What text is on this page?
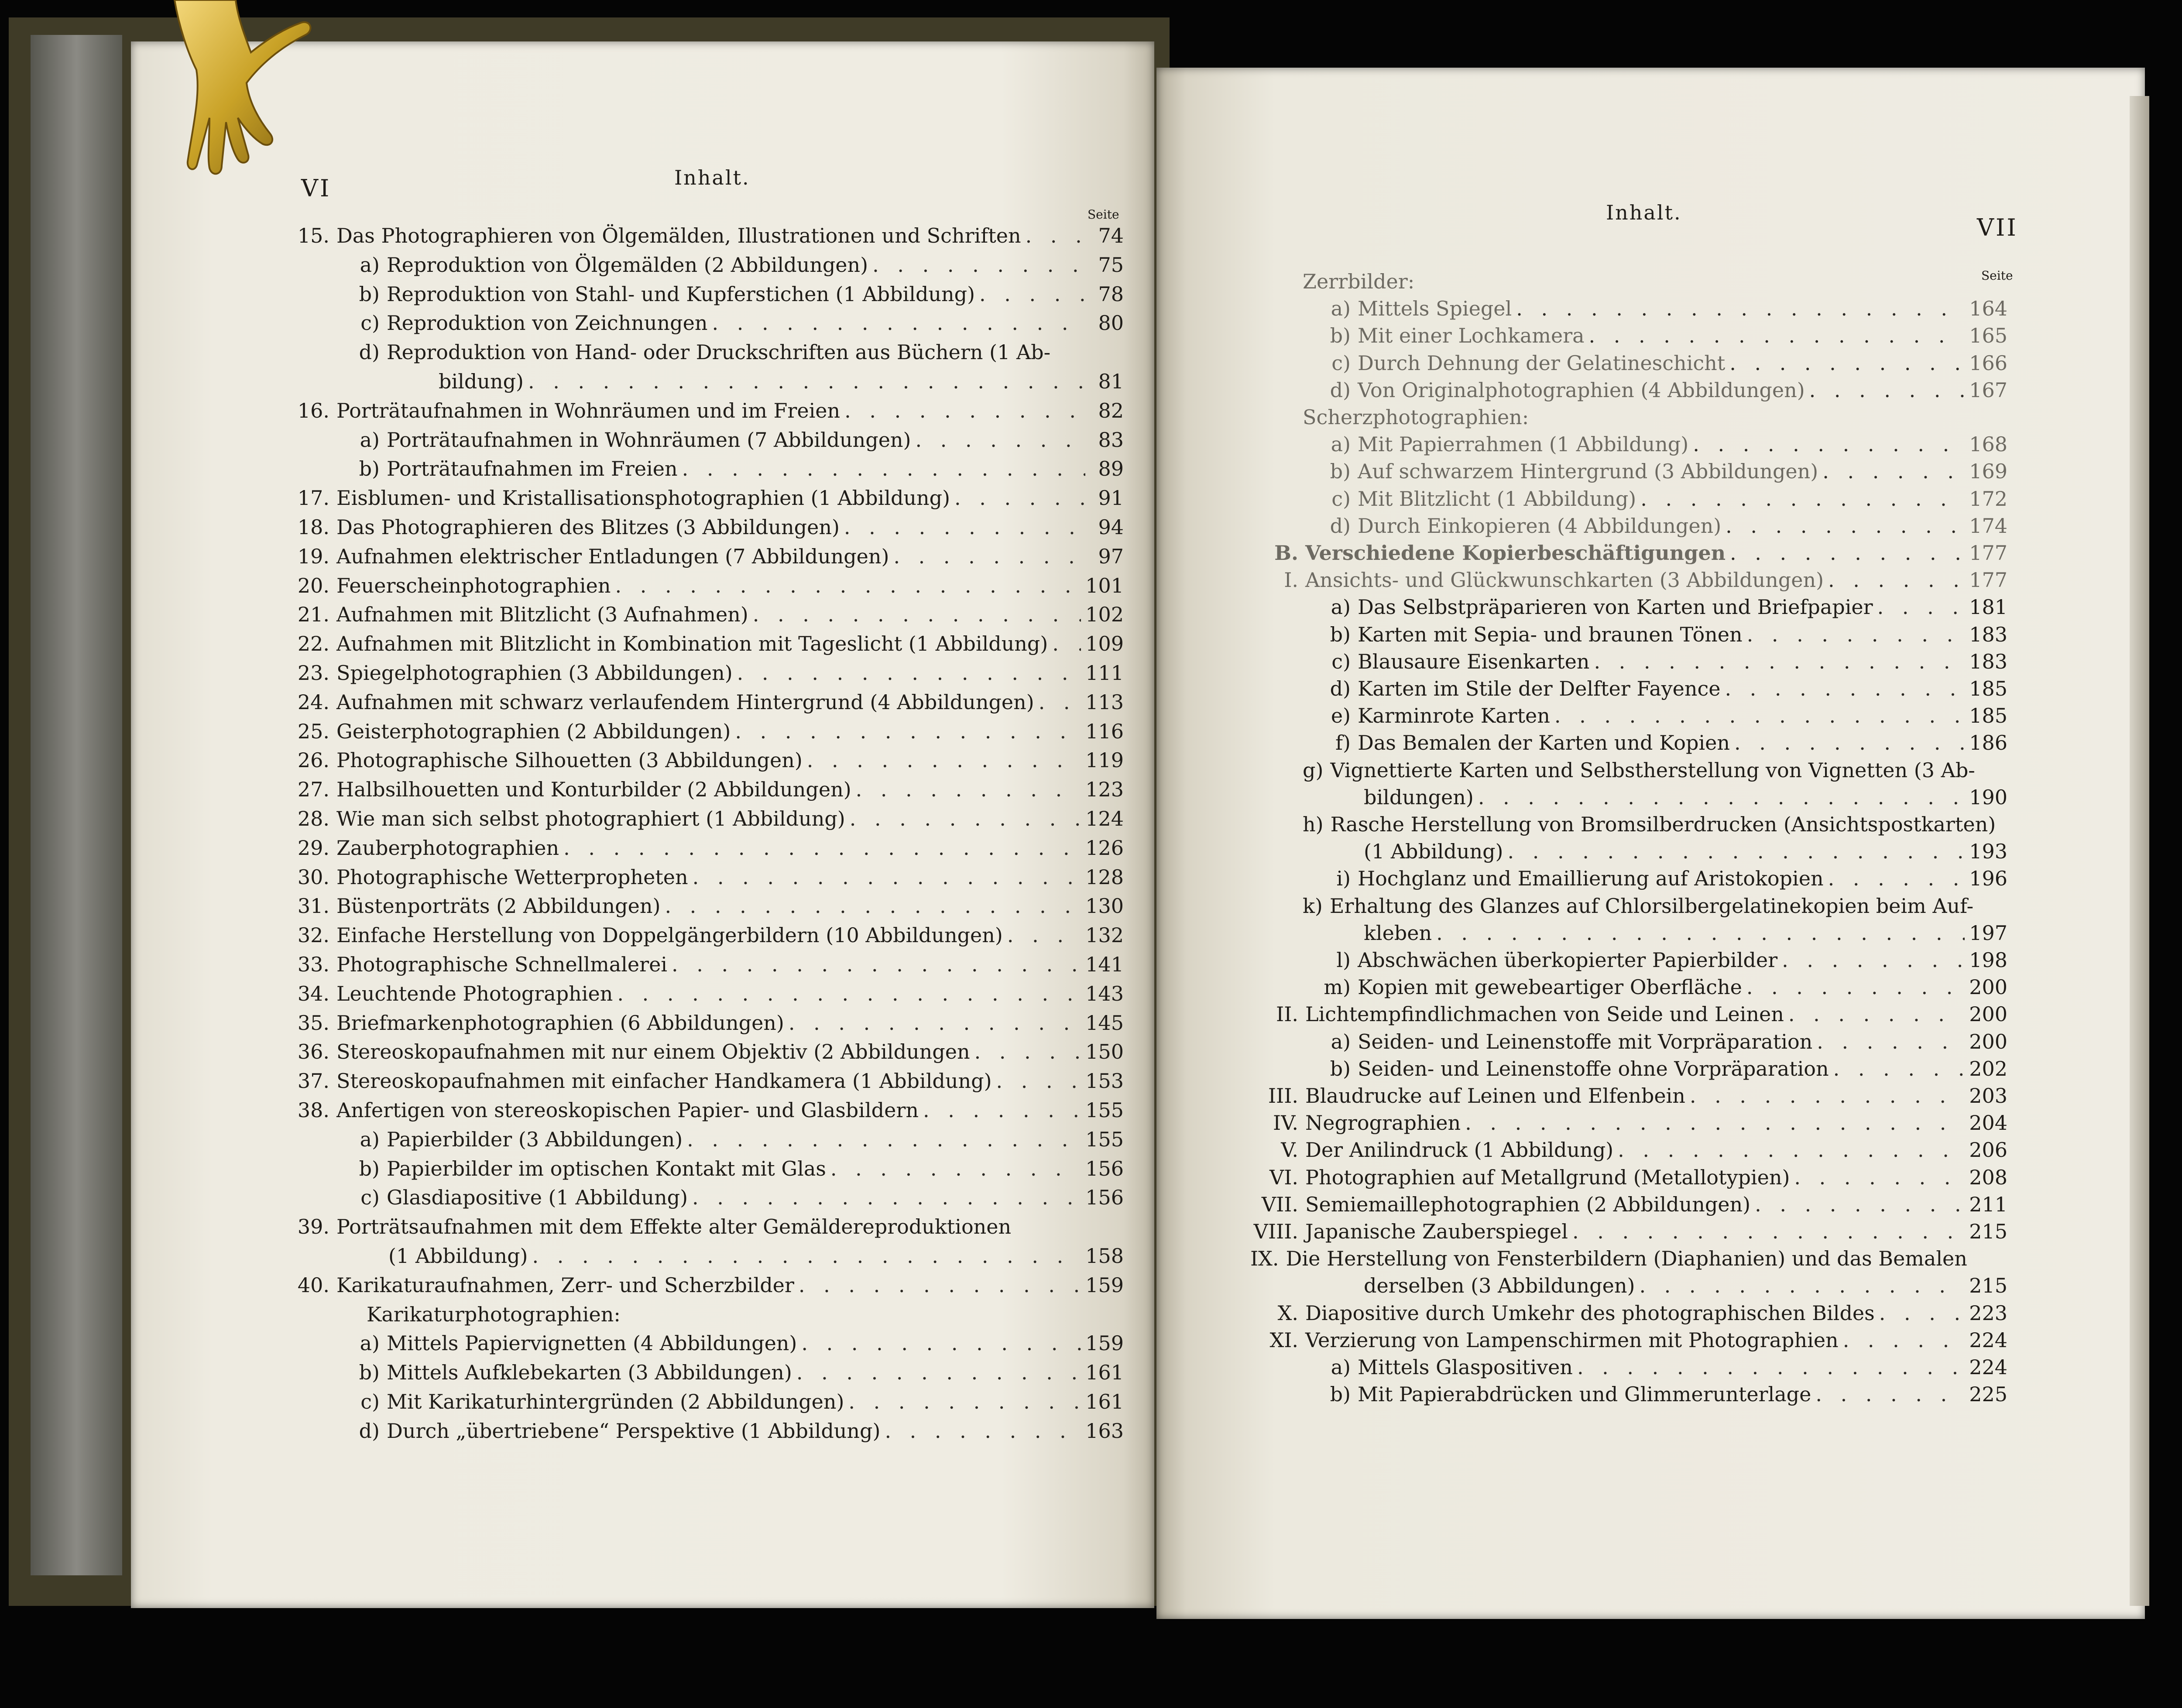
VI	Inhalt.
Seite	Inhalt.
VII
Seite
15. Das Photographieren von Ölgemälden, Illustrationen und Schriften . . .	74
a) Reproduktion von Ölgemälden (2 Abbildungen) . . .	75
b) Reproduktion von Stahl- und Kupferstichen (1 Abbildung) . . .	78
c) Reproduktion von Zeichnungen . . .	80
d) Reproduktion von Hand- oder Druckschriften aus Büchern (1 Ab-
bildung) . . .	81
16. Porträtaufnahmen in Wohnräumen und im Freien . . .	82
a) Porträtaufnahmen in Wohnräumen (7 Abbildungen) . . .	83
b) Porträtaufnahmen im Freien . . .	89
17. Eisblumen- und Kristallisationsphotographien (1 Abbildung) . . .	91
18. Das Photographieren des Blitzes (3 Abbildungen) . . .	94
19. Aufnahmen elektrischer Entladungen (7 Abbildungen) . . .	97
20. Feuerscheinphotographien . . .	101
21. Aufnahmen mit Blitzlicht (3 Aufnahmen) . . .	102
22. Aufnahmen mit Blitzlicht in Kombination mit Tageslicht (1 Abbildung) . . . 109
23. Spiegelphotographien (3 Abbildungen) . . .	111
24. Aufnahmen mit schwarz verlaufendem Hintergrund (4 Abbildungen) . . .	113
25. Geisterphotographien (2 Abbildungen) . . .	116
26. Photographische Silhouetten (3 Abbildungen) . . .	119
27. Halbsilhouetten und Konturbilder (2 Abbildungen) . . .	123
28. Wie man sich selbst photographiert (1 Abbildung) . . .	124
29. Zauberphotographien . . .	126
30. Photographische Wetterpropheten . . .	128
31. Büstenporträts (2 Abbildungen) . . .	130
32. Einfache Herstellung von Doppelgängerbildern (10 Abbildungen) . . .	132
33. Photographische Schnellmalerei . . .	141
34. Leuchtende Photographien . . .	143
35. Briefmarkenphotographien (6 Abbildungen) . . .	145
36. Stereoskopaufnahmen mit nur einem Objektiv (2 Abbildungen . . .	150
37. Stereoskopaufnahmen mit einfacher Handkamera (1 Abbildung) . . .	153
38. Anfertigen von stereoskopischen Papier- und Glasbildern . . .	155
a) Papierbilder (3 Abbildungen) . . .	155
b) Papierbilder im optischen Kontakt mit Glas . . .	156
c) Glasdiapositive (1 Abbildung) . . .	156
39. Porträtsaufnahmen mit dem Effekte alter Gemäldereproduktionen
(1 Abbildung) . . .	158
40. Karikaturaufnahmen, Zerr- und Scherzbilder . . .	159
Karikaturphotographien:
a) Mittels Papiervignetten (4 Abbildungen) . . .	159
b) Mittels Aufklebekarten (3 Abbildungen) . . .	161
c) Mit Karikaturhintergründen (2 Abbildungen) . . .	161
d) Durch „übertriebene“ Perspektive (1 Abbildung) . . .	163
Zerrbilder:
a) Mittels Spiegel . . .	164
b) Mit einer Lochkamera . . .	165
c) Durch Dehnung der Gelatineschicht . . .	166
d) Von Originalphotographien (4 Abbildungen) . . .	167
Scherzphotographien:
a) Mit Papierrahmen (1 Abbildung) . . .	168
b) Auf schwarzem Hintergrund (3 Abbildungen) . . .	169
c) Mit Blitzlicht (1 Abbildung) . . .	172
d) Durch Einkopieren (4 Abbildungen) . . .	174
B. Verschiedene Kopierbeschäftigungen . . .	177
I. Ansichts- und Glückwunschkarten (3 Abbildungen) . . .	177
a) Das Selbstpräparieren von Karten und Briefpapier . . .	181
b) Karten mit Sepia- und braunen Tönen . . .	183
c) Blausaure Eisenkarten . . .	183
d) Karten im Stile der Delfter Fayence . . .	185
e) Karminrote Karten . . .	185
f) Das Bemalen der Karten und Kopien . . .	186
g) Vignettierte Karten und Selbstherstellung von Vignetten (3 Ab-
bildungen) . . .	190
h) Rasche Herstellung von Bromsilberdrucken (Ansichtspostkarten)
(1 Abbildung) . . .	193
i) Hochglanz und Emaillierung auf Aristokopien . . .	196
k) Erhaltung des Glanzes auf Chlorsilbergelatinekopien beim Auf-
kleben . . .	197
l) Abschwächen überkopierter Papierbilder . . .	198
m) Kopien mit gewebeartiger Oberfläche . . .	200
II. Lichtempfindlichmachen von Seide und Leinen . . .	200
a) Seiden- und Leinenstoffe mit Vorpräparation . . .	200
b) Seiden- und Leinenstoffe ohne Vorpräparation . . .	202
III. Blaudrucke auf Leinen und Elfenbein . . .	203
IV. Negrographien . . .	204
V. Der Anilindruck (1 Abbildung) . . .	206
VI. Photographien auf Metallgrund (Metallotypien) . . .	208
VII. Semiemaillephotographien (2 Abbildungen) . . .	211
VIII. Japanische Zauberspiegel . . .	215
IX. Die Herstellung von Fensterbildern (Diaphanien) und das Bemalen
derselben (3 Abbildungen) . . .	215
X. Diapositive durch Umkehr des photographischen Bildes . . .	223
XI. Verzierung von Lampenschirmen mit Photographien . . .	224
a) Mittels Glaspositiven . . .	224
b) Mit Papierabdrücken und Glimmerunterlage . . .	225
